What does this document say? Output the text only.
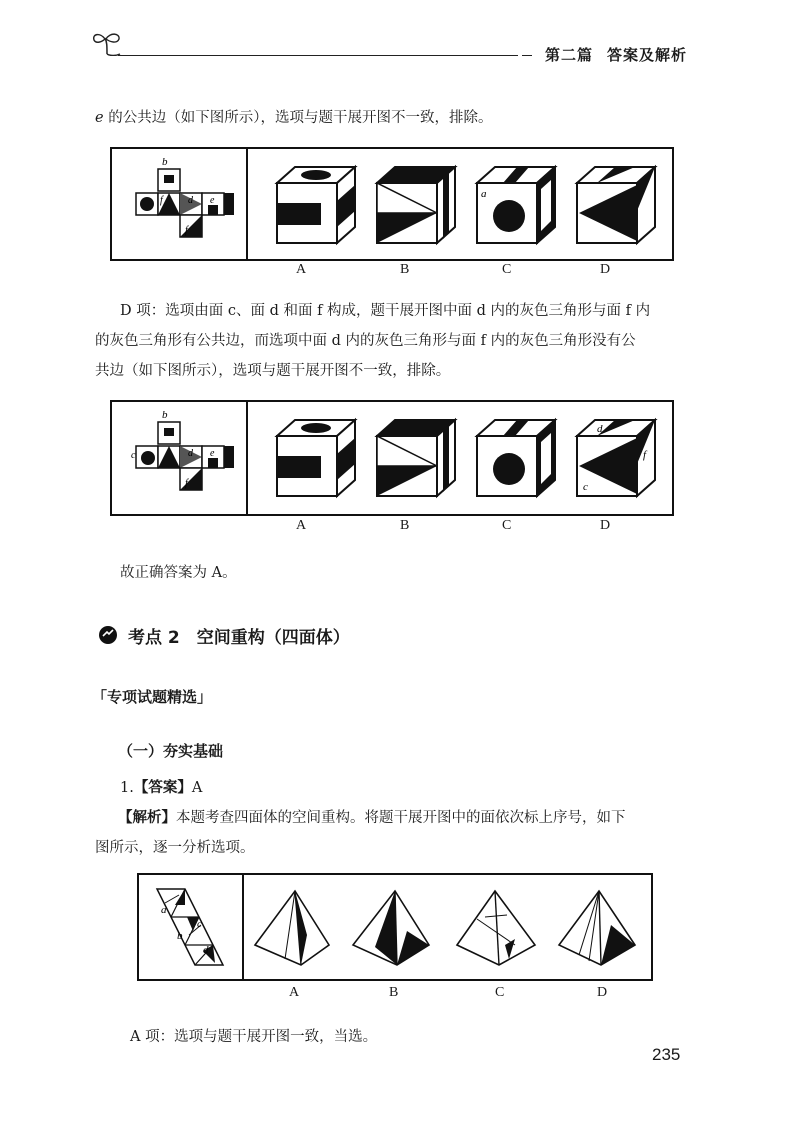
第二篇 答案及解析
e 的公共边（如下图所示），选项与题干展开图不一致，排除。
b
f	d e
f
a
A	B	C	D
D 项：选项由面 c、面 d 和面 f 构成，题干展开图中面 d 内的灰色三角形与面 f 内
的灰色三角形有公共边，而选项中面 d 内的灰色三角形与面 f 内的灰色三角形没有公
共边（如下图所示），选项与题干展开图不一致，排除。
b
c	d e
f
d
c
f
A	B	C	D
故正确答案为 A。
考点 2　空间重构（四面体）
「专项试题精选」
（一）夯实基础
1.【答案】A
【解析】本题考查四面体的空间重构。将题干展开图中的面依次标上序号，如下
图所示，逐一分析选项。
a
c
b
d
A	B	C	D
A 项：选项与题干展开图一致，当选。
235
